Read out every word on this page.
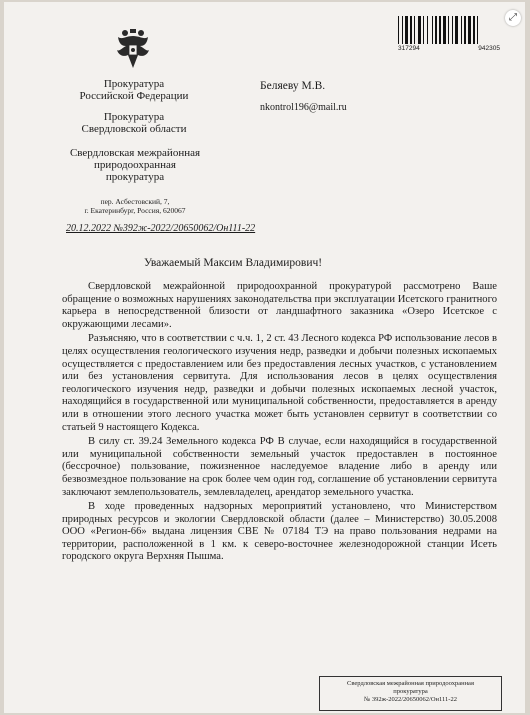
Прокуратура
Российской Федерации
Прокуратура
Свердловской области
Свердловская межрайонная
природоохранная
прокуратура
пер. Асбестовский, 7,
г. Екатеринбург, Россия, 620067
20.12.2022 №392ж-2022/20650062/Он111-22
Беляеву М.В.
nkontrol196@mail.ru
317294	942305
Уважаемый Максим Владимирович!

Свердловской межрайонной природоохранной прокуратурой рассмотрено Ваше обращение о возможных нарушениях законодательства при эксплуатации Исетского гранитного карьера в непосредственной близости от ландшафтного заказника «Озеро Исетское с окружающими лесами».

Разъясняю, что в соответствии с ч.ч. 1, 2 ст. 43 Лесного кодекса РФ использование лесов в целях осуществления геологического изучения недр, разведки и добычи полезных ископаемых осуществляется с предоставлением или без предоставления лесных участков, с установлением или без установления сервитута. Для использования лесов в целях осуществления геологического изучения недр, разведки и добычи полезных ископаемых лесной участок, находящийся в государственной или муниципальной собственности, предоставляется в аренду или в отношении этого лесного участка может быть установлен сервитут в соответствии со статьей 9 настоящего Кодекса.

В силу ст. 39.24 Земельного кодекса РФ В случае, если находящийся в государственной или муниципальной собственности земельный участок предоставлен в постоянное (бессрочное) пользование, пожизненное наследуемое владение либо в аренду или безвозмездное пользование на срок более чем один год, соглашение об установлении сервитута заключают землепользователь, землевладелец, арендатор земельного участка.

В ходе проведенных надзорных мероприятий установлено, что Министерством природных ресурсов и экологии Свердловской области (далее – Министерство) 30.05.2008 ООО «Регион-66» выдана лицензия СВЕ № 07184 ТЭ на право пользования недрами на территории, расположенной в 1 км. к северо-восточнее железнодорожной станции Исеть городского округа Верхняя Пышма.

Свердловская межрайонная природоохранная
прокуратура
№ 392ж-2022/20650062/Он111-22
⤢
